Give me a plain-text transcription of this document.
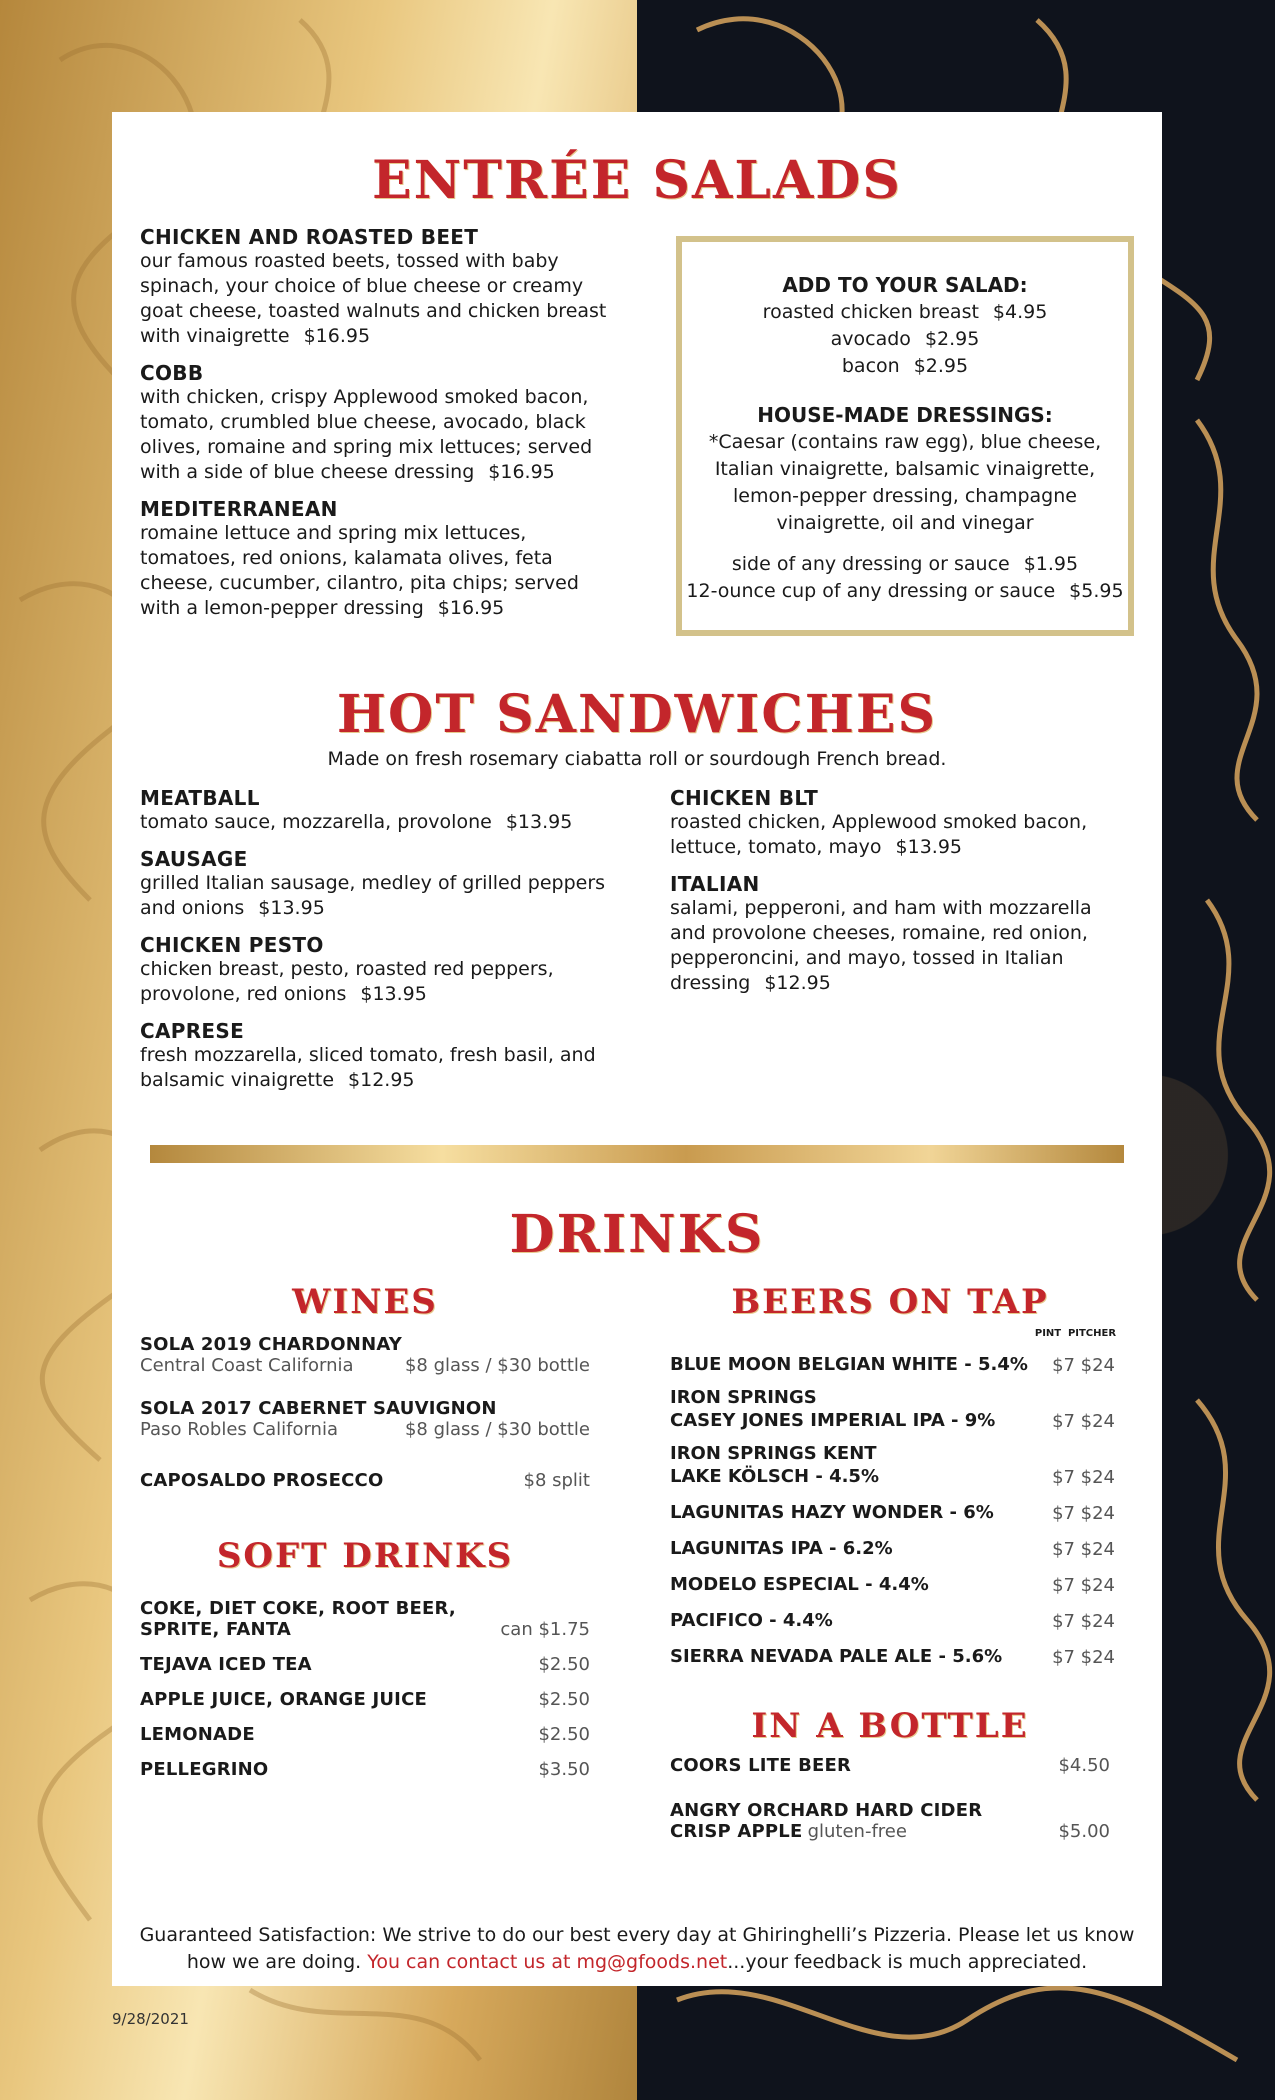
ENTRÉE SALADS
CHICKEN AND ROASTED BEET
our famous roasted beets, tossed with baby spinach, your choice of blue cheese or creamy goat cheese, toasted walnuts and chicken breast with vinaigrette $16.95
COBB
with chicken, crispy Applewood smoked bacon, tomato, crumbled blue cheese, avocado, black olives, romaine and spring mix lettuces; served with a side of blue cheese dressing $16.95
MEDITERRANEAN
romaine lettuce and spring mix lettuces, tomatoes, red onions, kalamata olives, feta cheese, cucumber, cilantro, pita chips; served with a lemon-pepper dressing $16.95
ADD TO YOUR SALAD:
roasted chicken breast $4.95
avocado $2.95
bacon $2.95
HOUSE-MADE DRESSINGS:
*Caesar (contains raw egg), blue cheese,
Italian vinaigrette, balsamic vinaigrette,
lemon-pepper dressing, champagne
vinaigrette, oil and vinegar
side of any dressing or sauce $1.95
12-ounce cup of any dressing or sauce $5.95
HOT SANDWICHES
Made on fresh rosemary ciabatta roll or sourdough French bread.
MEATBALL
tomato sauce, mozzarella, provolone $13.95
SAUSAGE
grilled Italian sausage, medley of grilled peppers and onions $13.95
CHICKEN PESTO
chicken breast, pesto, roasted red peppers, provolone, red onions $13.95
CAPRESE
fresh mozzarella, sliced tomato, fresh basil, and balsamic vinaigrette $12.95
CHICKEN BLT
roasted chicken, Applewood smoked bacon, lettuce, tomato, mayo $13.95
ITALIAN
salami, pepperoni, and ham with mozzarella and provolone cheeses, romaine, red onion, pepperoncini, and mayo, tossed in Italian dressing $12.95
DRINKS
WINES
SOLA 2019 CHARDONNAY
Central Coast California	$8 glass / $30 bottle
SOLA 2017 CABERNET SAUVIGNON
Paso Robles California	$8 glass / $30 bottle
CAPOSALDO PROSECCO	$8 split
SOFT DRINKS
COKE, DIET COKE, ROOT BEER,
SPRITE, FANTA	can $1.75
TEJAVA ICED TEA	$2.50
APPLE JUICE, ORANGE JUICE	$2.50
LEMONADE	$2.50
PELLEGRINO	$3.50
BEERS ON TAP
PINT PITCHER
BLUE MOON BELGIAN WHITE - 5.4%	$7 $24
IRON SPRINGS
CASEY JONES IMPERIAL IPA - 9%	$7 $24
IRON SPRINGS KENT
LAKE KÖLSCH - 4.5%	$7 $24
LAGUNITAS HAZY WONDER - 6%	$7 $24
LAGUNITAS IPA - 6.2%	$7 $24
MODELO ESPECIAL - 4.4%	$7 $24
PACIFICO - 4.4%	$7 $24
SIERRA NEVADA PALE ALE - 5.6%	$7 $24
IN A BOTTLE
COORS LITE BEER	$4.50
ANGRY ORCHARD HARD CIDER
CRISP APPLE gluten-free	$5.00
Guaranteed Satisfaction: We strive to do our best every day at Ghiringhelli’s Pizzeria. Please let us know
how we are doing. You can contact us at mg@gfoods.net...your feedback is much appreciated.
9/28/2021
